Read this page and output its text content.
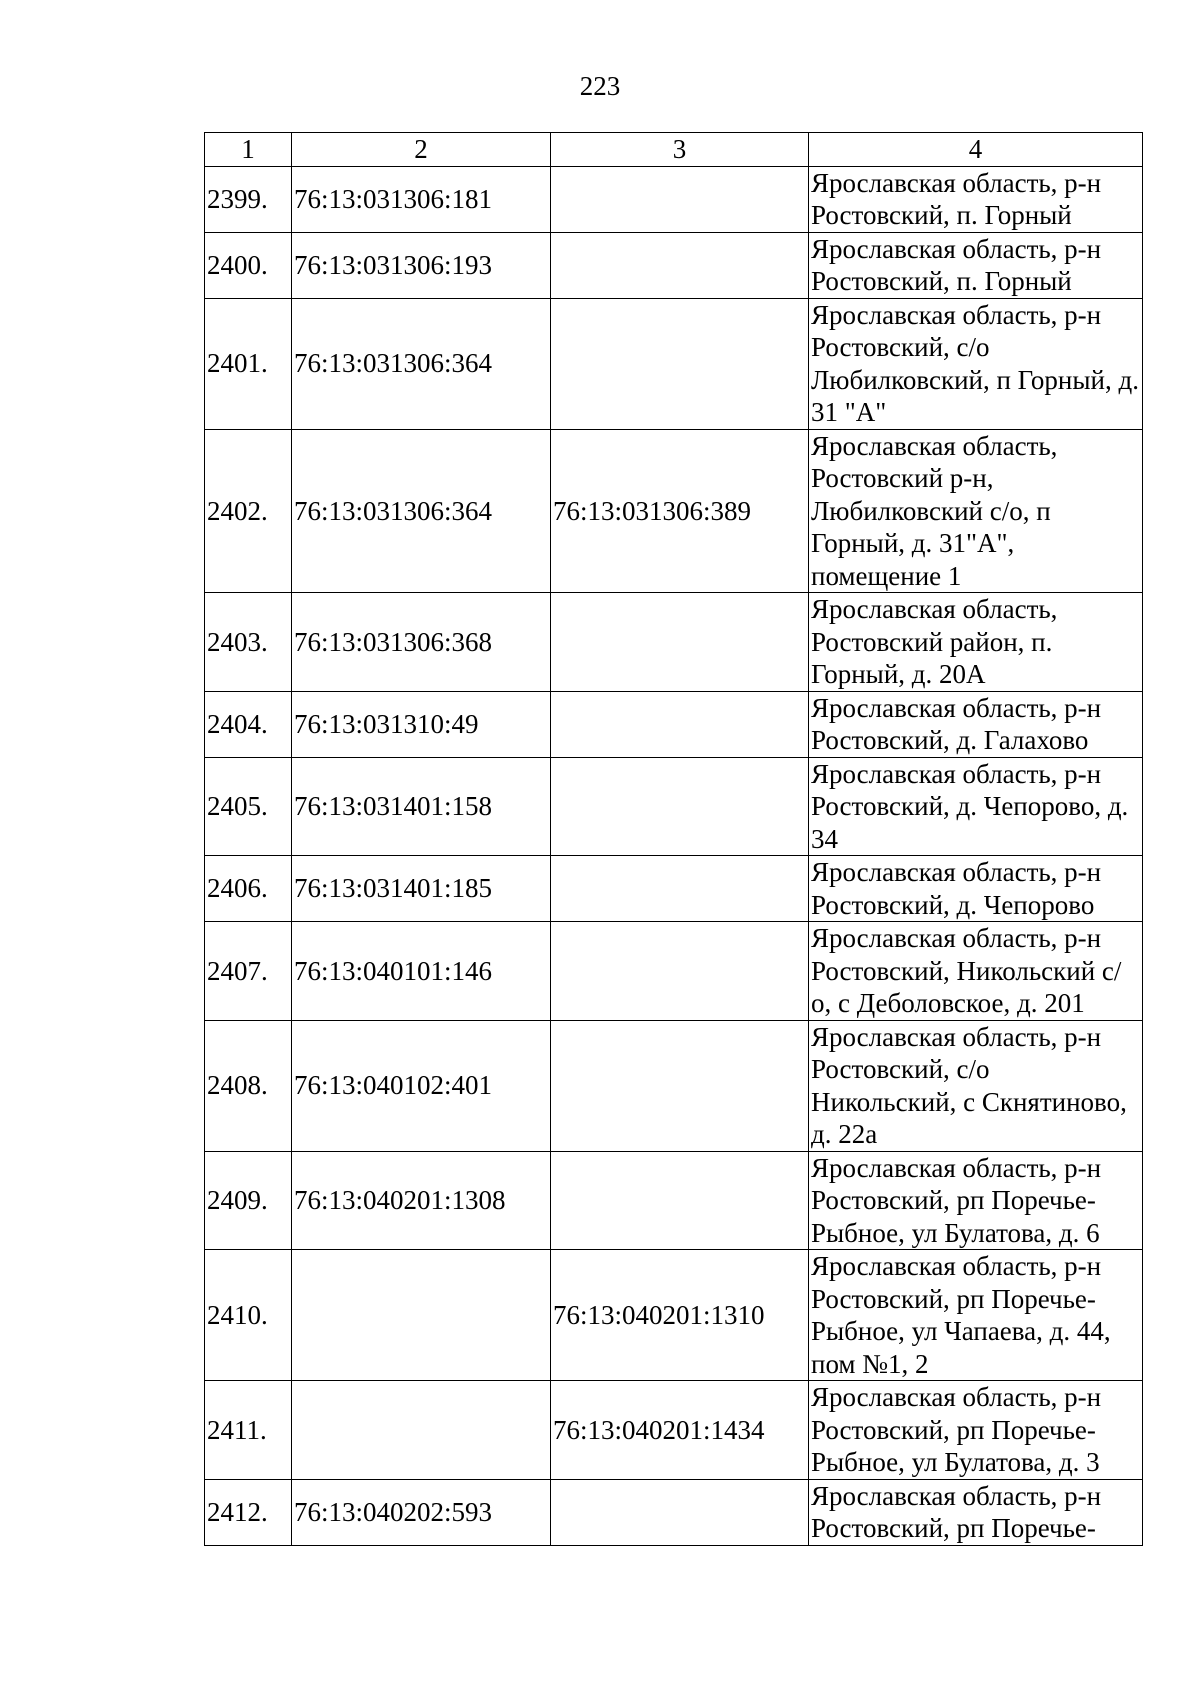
223
1	2	3	4
2399.	76:13:031306:181		Ярославская область, р-н Ростовский, п. Горный
2400.	76:13:031306:193		Ярославская область, р-н Ростовский, п. Горный
2401.	76:13:031306:364		Ярославская область, р-н Ростовский, с/о Любилковский, п Горный, д. 31 "А"
2402.	76:13:031306:364	76:13:031306:389	Ярославская область, Ростовский р-н, Любилковский с/о, п Горный, д. 31"А", помещение 1
2403.	76:13:031306:368		Ярославская область, Ростовский район, п. Горный, д. 20А
2404.	76:13:031310:49		Ярославская область, р-н Ростовский, д. Галахово
2405.	76:13:031401:158		Ярославская область, р-н Ростовский, д. Чепорово, д. 34
2406.	76:13:031401:185		Ярославская область, р-н Ростовский, д. Чепорово
2407.	76:13:040101:146		Ярославская область, р-н Ростовский, Никольский с/о, с Деболовское, д. 201
2408.	76:13:040102:401		Ярославская область, р-н Ростовский, с/о Никольский, с Скнятиново, д. 22а
2409.	76:13:040201:1308		Ярославская область, р-н Ростовский, рп Поречье-Рыбное, ул Булатова, д. 6
2410.		76:13:040201:1310	Ярославская область, р-н Ростовский, рп Поречье-Рыбное, ул Чапаева, д. 44, пом №1, 2
2411.		76:13:040201:1434	Ярославская область, р-н Ростовский, рп Поречье-Рыбное, ул Булатова, д. 3
2412.	76:13:040202:593		Ярославская область, р-н Ростовский, рп Поречье-
